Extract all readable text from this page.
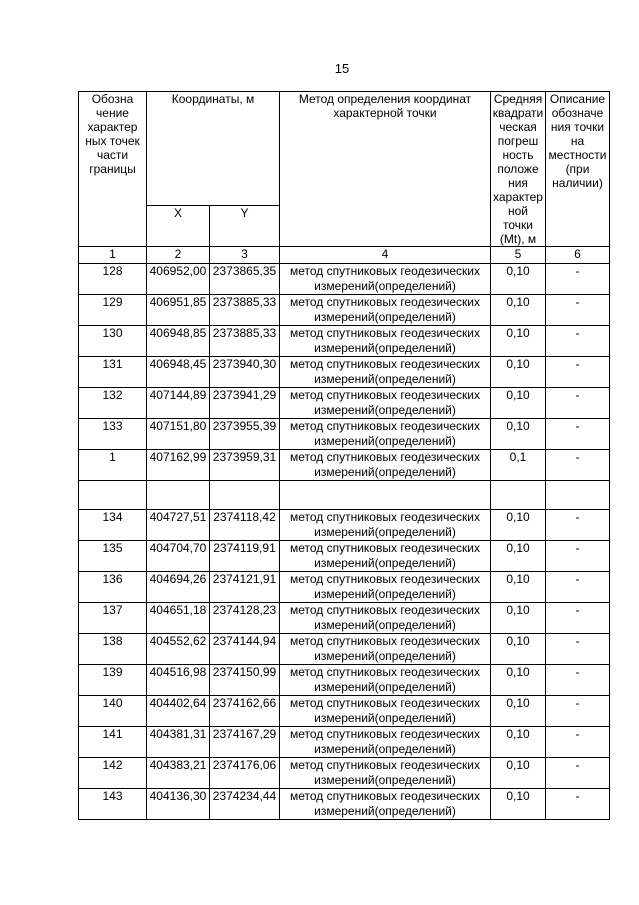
15
Обозна чение характер ных точек части границы	Координаты, м		Метод определения координат характерной точки	Средняя квадрати ческая погреш ность положе ния характер ной точки (Mt), м	Описание обозначе ния точки на местности (при наличии)
	X	Y			
1	2	3	4	5	6
128	406952,00	2373865,35	метод спутниковых геодезических измерений(определений)	0,10	-
129	406951,85	2373885,33	метод спутниковых геодезических измерений(определений)	0,10	-
130	406948,85	2373885,33	метод спутниковых геодезических измерений(определений)	0,10	-
131	406948,45	2373940,30	метод спутниковых геодезических измерений(определений)	0,10	-
132	407144,89	2373941,29	метод спутниковых геодезических измерений(определений)	0,10	-
133	407151,80	2373955,39	метод спутниковых геодезических измерений(определений)	0,10	-
1	407162,99	2373959,31	метод спутниковых геодезических измерений(определений)	0,1	-

134	404727,51	2374118,42	метод спутниковых геодезических измерений(определений)	0,10	-
135	404704,70	2374119,91	метод спутниковых геодезических измерений(определений)	0,10	-
136	404694,26	2374121,91	метод спутниковых геодезических измерений(определений)	0,10	-
137	404651,18	2374128,23	метод спутниковых геодезических измерений(определений)	0,10	-
138	404552,62	2374144,94	метод спутниковых геодезических измерений(определений)	0,10	-
139	404516,98	2374150,99	метод спутниковых геодезических измерений(определений)	0,10	-
140	404402,64	2374162,66	метод спутниковых геодезических измерений(определений)	0,10	-
141	404381,31	2374167,29	метод спутниковых геодезических измерений(определений)	0,10	-
142	404383,21	2374176,06	метод спутниковых геодезических измерений(определений)	0,10	-
143	404136,30	2374234,44	метод спутниковых геодезических измерений(определений)	0,10	-
